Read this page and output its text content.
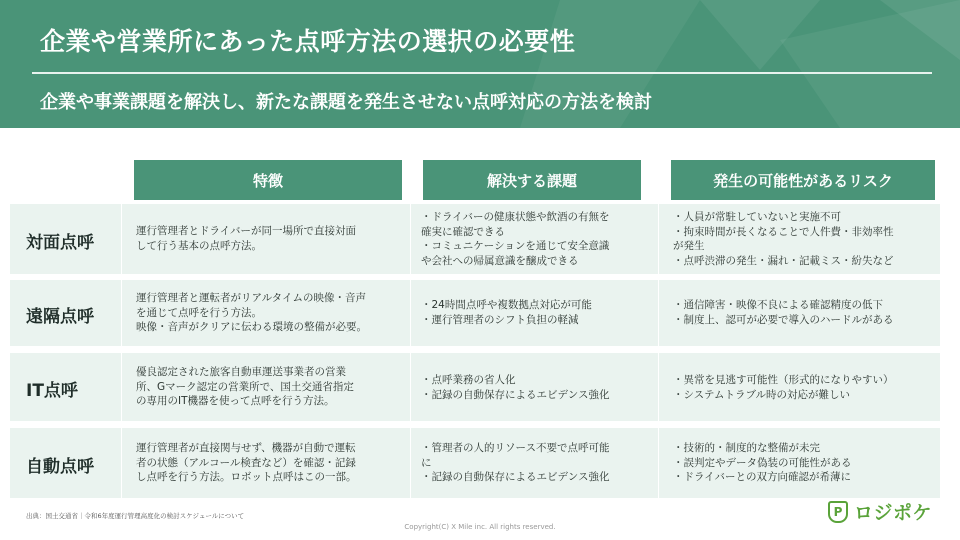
企業や営業所にあった点呼方法の選択の必要性
企業や事業課題を解決し、新たな課題を発生させない点呼対応の方法を検討
特徴	解決する課題	発生の可能性があるリスク
対面点呼
運行管理者とドライバーが同一場所で直接対面
して行う基本の点呼方法。
・ドライバーの健康状態や飲酒の有無を
確実に確認できる
・コミュニケーションを通じて安全意識
や会社への帰属意識を醸成できる
・人員が常駐していないと実施不可
・拘束時間が長くなることで人件費・非効率性
が発生
・点呼渋滞の発生・漏れ・記載ミス・紛失など
遠隔点呼
運行管理者と運転者がリアルタイムの映像・音声
を通じて点呼を行う方法。
映像・音声がクリアに伝わる環境の整備が必要。
・24時間点呼や複数拠点対応が可能
・運行管理者のシフト負担の軽減
・通信障害・映像不良による確認精度の低下
・制度上、認可が必要で導入のハードルがある
IT点呼
優良認定された旅客自動車運送事業者の営業
所、Gマーク認定の営業所で、国土交通省指定
の専用のIT機器を使って点呼を行う方法。
・点呼業務の省人化
・記録の自動保存によるエビデンス強化
・異常を見逃す可能性（形式的になりやすい）
・システムトラブル時の対応が難しい
自動点呼
運行管理者が直接関与せず、機器が自動で運転
者の状態（アルコール検査など）を確認・記録
し点呼を行う方法。ロボット点呼はこの一部。
・管理者の人的リソース不要で点呼可能
に
・記録の自動保存によるエビデンス強化
・技術的・制度的な整備が未完
・誤判定やデータ偽装の可能性がある
・ドライバーとの双方向確認が希薄に
出典：国土交通省｜令和6年度運行管理高度化の検討スケジュールについて
Copyright(C) X Mile inc. All rights reserved.
P ロジポケ
